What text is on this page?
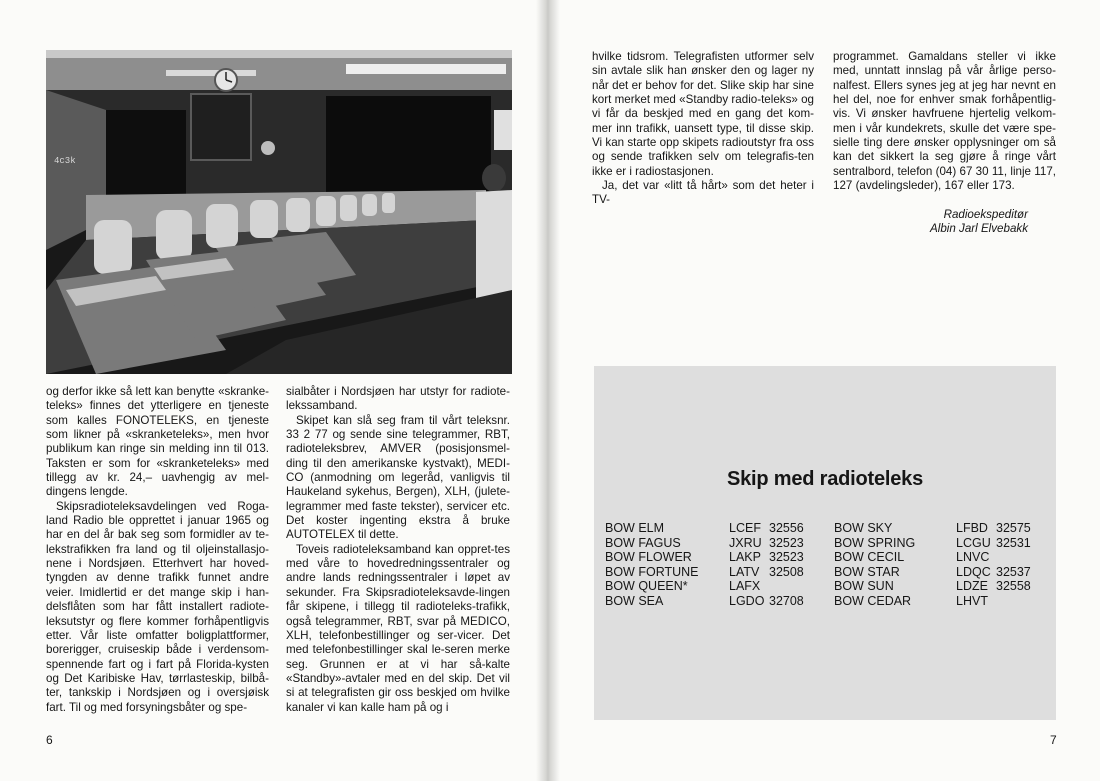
4c3k

og derfor ikke så lett kan benytte «skranke-teleks» finnes det ytterligere en tjeneste som kalles FONOTELEKS, en tjeneste som likner på «skranketeleks», men hvor publikum kan ringe sin melding inn til 013. Taksten er som for «skranketeleks» med tillegg av kr. 24,– uavhengig av mel-dingens lengde.

Skipsradioteleksavdelingen ved Roga-land Radio ble opprettet i januar 1965 og har en del år bak seg som formidler av te-lekstrafikken fra land og til oljeinstallasjo-nene i Nordsjøen. Etterhvert har hoved-tyngden av denne trafikk funnet andre veier. Imidlertid er det mange skip i han-delsflåten som har fått installert radiote-leksutstyr og flere kommer forhåpentligvis etter. Vår liste omfatter boligplattformer, borerigger, cruiseskip både i verdensom-spennende fart og i fart på Florida-kysten og Det Karibiske Hav, tørrlasteskip, bilbå-ter, tankskip i Nordsjøen og i oversjøisk fart. Til og med forsyningsbåter og spe-

sialbåter i Nordsjøen har utstyr for radiote-lekssamband.

Skipet kan slå seg fram til vårt teleksnr. 33 2 77 og sende sine telegrammer, RBT, radioteleksbrev, AMVER (posisjonsmel-ding til den amerikanske kystvakt), MEDI-CO (anmodning om legeråd, vanligvis til Haukeland sykehus, Bergen), XLH, (julete-legrammer med faste tekster), servicer etc. Det koster ingenting ekstra å bruke AUTOTELEX til dette.

Toveis radioteleksamband kan oppret-tes med våre to hovedredningssentraler og andre lands redningssentraler i løpet av sekunder. Fra Skipsradioteleksavde-lingen får skipene, i tillegg til radioteleks-trafikk, også telegrammer, RBT, svar på MEDICO, XLH, telefonbestillinger og ser-vicer. Det med telefonbestillinger skal le-seren merke seg. Grunnen er at vi har så-kalte «Standby»-avtaler med en del skip. Det vil si at telegrafisten gir oss beskjed om hvilke kanaler vi kan kalle ham på og i

6

hvilke tidsrom. Telegrafisten utformer selv sin avtale slik han ønsker den og lager ny når det er behov for det. Slike skip har sine kort merket med «Standby radio-teleks» og vi får da beskjed med en gang det kom-mer inn trafikk, uansett type, til disse skip. Vi kan starte opp skipets radioutstyr fra oss og sende trafikken selv om telegrafis-ten ikke er i radiostasjonen.

Ja, det var «litt tå hårt» som det heter i TV-

programmet. Gamaldans steller vi ikke med, unntatt innslag på vår årlige perso-nalfest. Ellers synes jeg at jeg har nevnt en hel del, noe for enhver smak forhåpentlig-vis. Vi ønsker havfruene hjertelig velkom-men i vår kundekrets, skulle det være spe-sielle ting dere ønsker opplysninger om så kan det sikkert la seg gjøre å ringe vårt sentralbord, telefon (04) 67 30 11, linje 117, 127 (avdelingsleder), 167 eller 173.

Radioekspeditør
Albin Jarl Elvebakk
Skip med radioteleks
BOW ELM	LCEF 32556
BOW FAGUS	JXRU 32523
BOW FLOWER	LAKP 32523
BOW FORTUNE LATV 32508
BOW QUEEN*	LAFX
BOW SEA	LGDO 32708
BOW SKY	LFBD 32575
BOW SPRING	LCGU 32531
BOW CECIL	LNVC
BOW STAR	LDQC 32537
BOW SUN	LDZE 32558
BOW CEDAR	LHVT
7
